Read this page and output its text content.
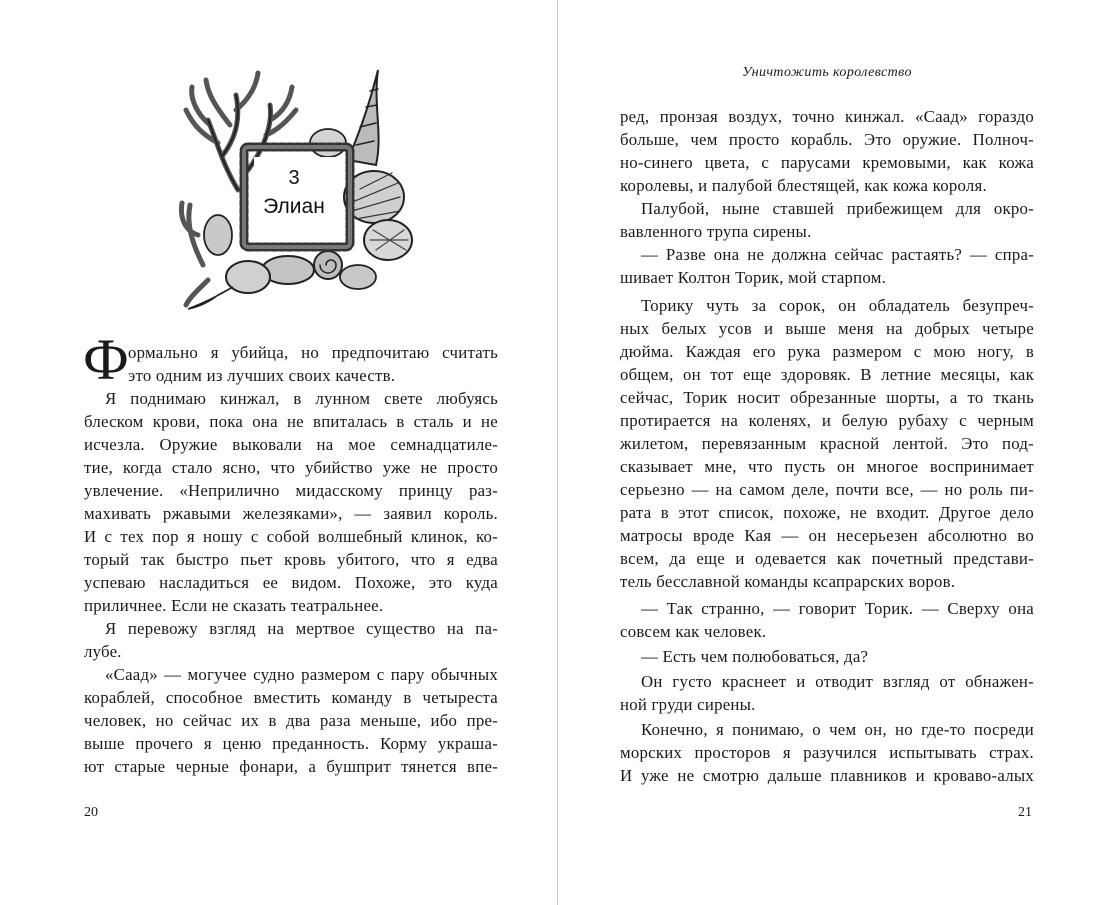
3
Элиан
Ф ормально я убийца, но предпочитаю считать

это одним из лучших своих качеств.

Я поднимаю кинжал, в лунном свете любуясь

блеском крови, пока она не впиталась в сталь и не

исчезла. Оружие выковали на мое семнадцатиле-

тие, когда стало ясно, что убийство уже не просто

увлечение. «Неприлично мидасскому принцу раз-

махивать ржавыми железяками», — заявил король.

И с тех пор я ношу с собой волшебный клинок, ко-

торый так быстро пьет кровь убитого, что я едва

успеваю насладиться ее видом. Похоже, это куда

приличнее. Если не сказать театральнее.

Я перевожу взгляд на мертвое существо на па-

лубе.

«Саад» — могучее судно размером с пару обычных

кораблей, способное вместить команду в четыреста

человек, но сейчас их в два раза меньше, ибо пре-

выше прочего я ценю преданность. Корму украша-

ют старые черные фонари, а бушприт тянется впе-

20
Уничтожить королевство

ред, пронзая воздух, точно кинжал. «Саад» гораздо

больше, чем просто корабль. Это оружие. Полноч-

но-синего цвета, с парусами кремовыми, как кожа

королевы, и палубой блестящей, как кожа короля.

Палубой, ныне ставшей прибежищем для окро-

вавленного трупа сирены.

— Разве она не должна сейчас растаять? — спра-

шивает Колтон Торик, мой старпом.

Торику чуть за сорок, он обладатель безупреч-

ных белых усов и выше меня на добрых четыре

дюйма. Каждая его рука размером с мою ногу, в

общем, он тот еще здоровяк. В летние месяцы, как

сейчас, Торик носит обрезанные шорты, а то ткань

протирается на коленях, и белую рубаху с черным

жилетом, перевязанным красной лентой. Это под-

сказывает мне, что пусть он многое воспринимает

серьезно — на самом деле, почти все, — но роль пи-

рата в этот список, похоже, не входит. Другое дело

матросы вроде Кая — он несерьезен абсолютно во

всем, да еще и одевается как почетный представи-

тель бесславной команды ксапрарских воров.

— Так странно, — говорит Торик. — Сверху она

совсем как человек.

— Есть чем полюбоваться, да?

Он густо краснеет и отводит взгляд от обнажен-

ной груди сирены.

Конечно, я понимаю, о чем он, но где-то посреди

морских просторов я разучился испытывать страх.

И уже не смотрю дальше плавников и кроваво-алых

21
